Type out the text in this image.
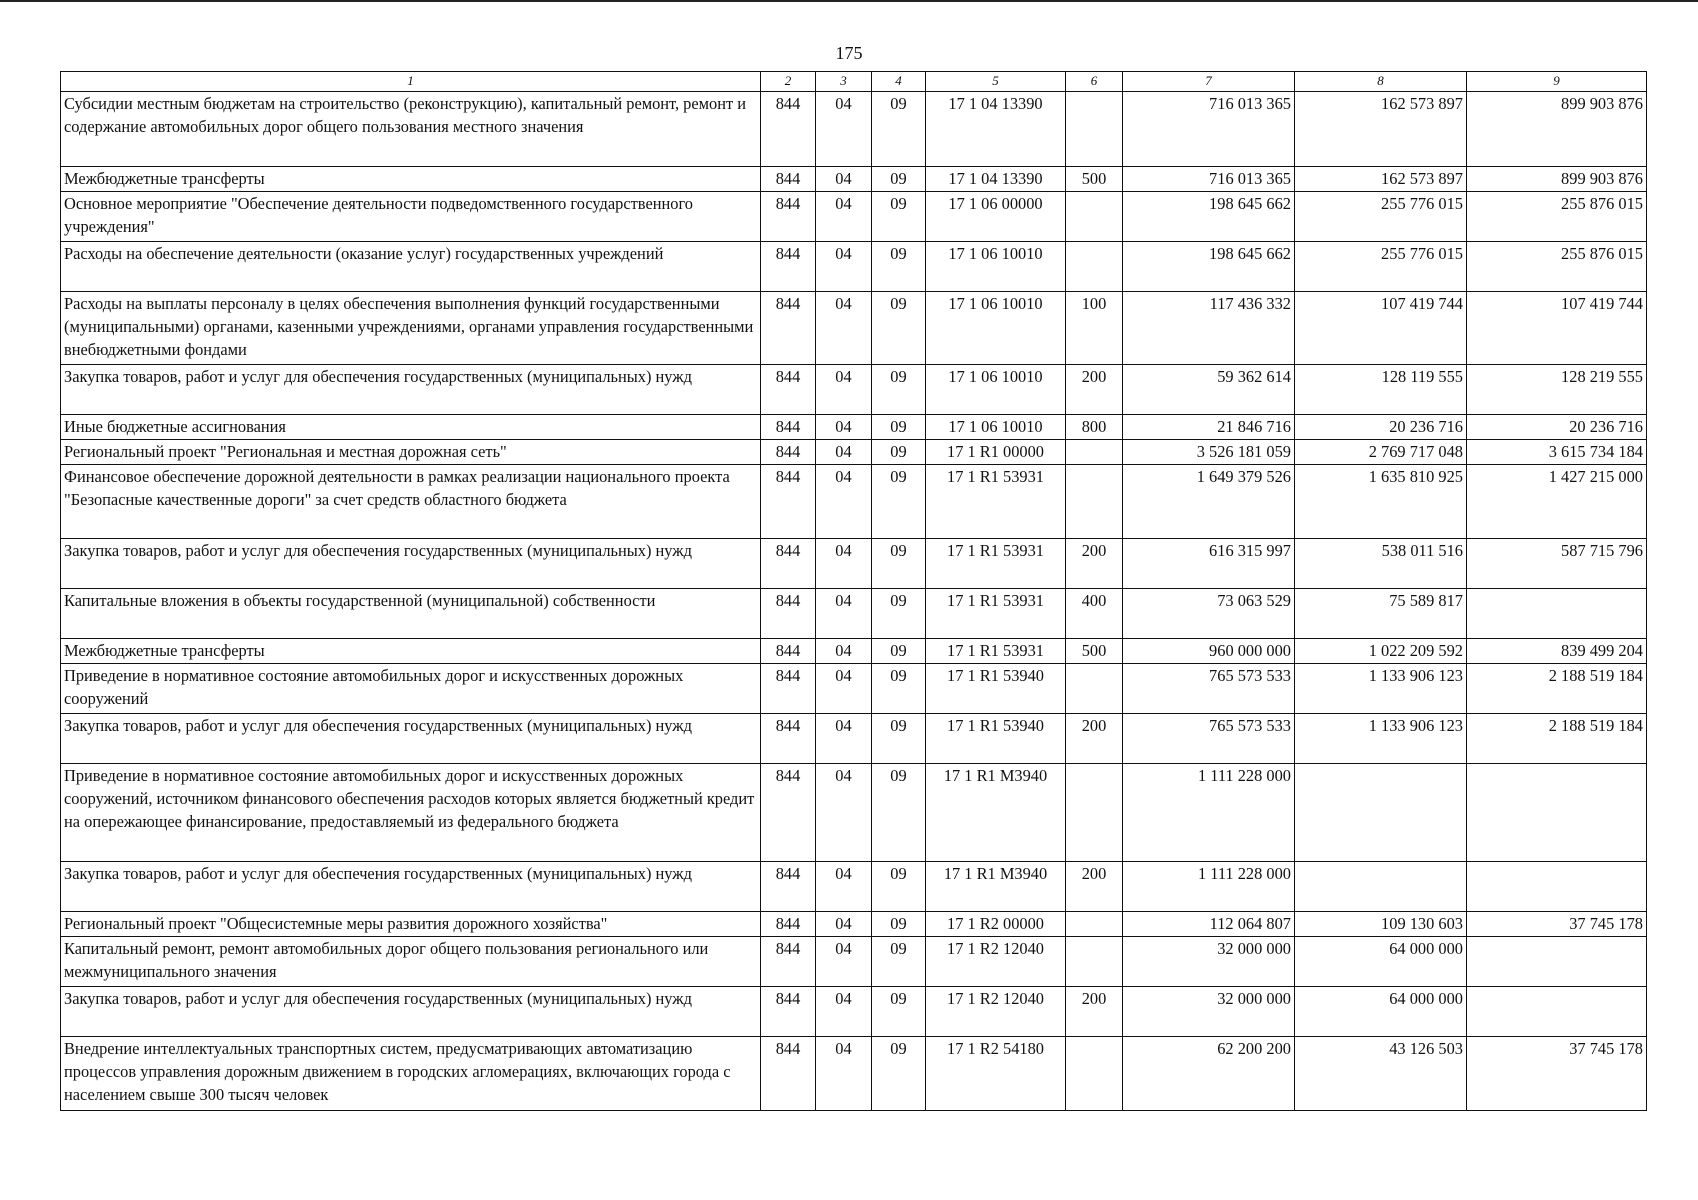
175
1	2	3	4	5	6	7	8	9
Субсидии местным бюджетам на строительство (реконструкцию), капитальный ремонт, ремонт и содержание автомобильных дорог общего пользования местного значения	844	04	09	17 1 04 13390		716 013 365	162 573 897	899 903 876
Межбюджетные трансферты	844	04	09	17 1 04 13390	500	716 013 365	162 573 897	899 903 876
Основное мероприятие "Обеспечение деятельности подведомственного государственного учреждения"	844	04	09	17 1 06 00000		198 645 662	255 776 015	255 876 015
Расходы на обеспечение деятельности (оказание услуг) государственных учреждений	844	04	09	17 1 06 10010		198 645 662	255 776 015	255 876 015
Расходы на выплаты персоналу в целях обеспечения выполнения функций государственными (муниципальными) органами, казенными учреждениями, органами управления государственными внебюджетными фондами	844	04	09	17 1 06 10010	100	117 436 332	107 419 744	107 419 744
Закупка товаров, работ и услуг для обеспечения государственных (муниципальных) нужд	844	04	09	17 1 06 10010	200	59 362 614	128 119 555	128 219 555
Иные бюджетные ассигнования	844	04	09	17 1 06 10010	800	21 846 716	20 236 716	20 236 716
Региональный проект "Региональная и местная дорожная сеть"	844	04	09	17 1 R1 00000		3 526 181 059	2 769 717 048	3 615 734 184
Финансовое обеспечение дорожной деятельности в рамках реализации национального проекта "Безопасные качественные дороги" за счет средств областного бюджета	844	04	09	17 1 R1 53931		1 649 379 526	1 635 810 925	1 427 215 000
Закупка товаров, работ и услуг для обеспечения государственных (муниципальных) нужд	844	04	09	17 1 R1 53931	200	616 315 997	538 011 516	587 715 796
Капитальные вложения в объекты государственной (муниципальной) собственности	844	04	09	17 1 R1 53931	400	73 063 529	75 589 817	
Межбюджетные трансферты	844	04	09	17 1 R1 53931	500	960 000 000	1 022 209 592	839 499 204
Приведение в нормативное состояние автомобильных дорог и искусственных дорожных сооружений	844	04	09	17 1 R1 53940		765 573 533	1 133 906 123	2 188 519 184
Закупка товаров, работ и услуг для обеспечения государственных (муниципальных) нужд	844	04	09	17 1 R1 53940	200	765 573 533	1 133 906 123	2 188 519 184
Приведение в нормативное состояние автомобильных дорог и искусственных дорожных сооружений, источником финансового обеспечения расходов которых является бюджетный кредит на опережающее финансирование, предоставляемый из федерального бюджета	844	04	09	17 1 R1 M3940		1 111 228 000		
Закупка товаров, работ и услуг для обеспечения государственных (муниципальных) нужд	844	04	09	17 1 R1 M3940	200	1 111 228 000		
Региональный проект "Общесистемные меры развития дорожного хозяйства"	844	04	09	17 1 R2 00000		112 064 807	109 130 603	37 745 178
Капитальный ремонт, ремонт автомобильных дорог общего пользования регионального или межмуниципального значения	844	04	09	17 1 R2 12040		32 000 000	64 000 000	
Закупка товаров, работ и услуг для обеспечения государственных (муниципальных) нужд	844	04	09	17 1 R2 12040	200	32 000 000	64 000 000	
Внедрение интеллектуальных транспортных систем, предусматривающих автоматизацию процессов управления дорожным движением в городских агломерациях, включающих города с населением свыше 300 тысяч человек	844	04	09	17 1 R2 54180		62 200 200	43 126 503	37 745 178
